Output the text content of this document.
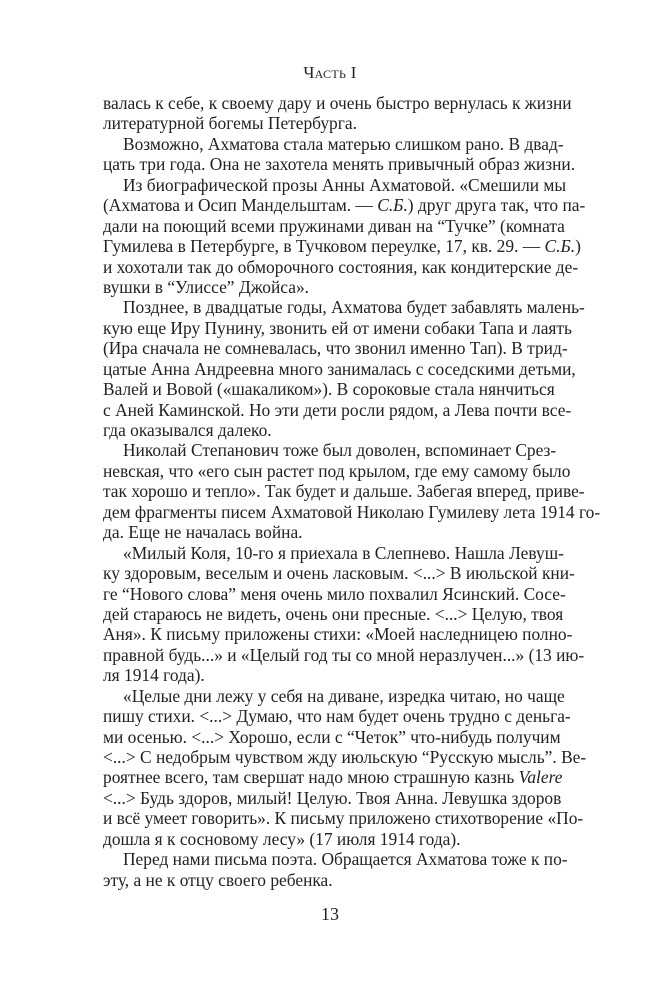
Часть I
валась к себе, к своему дару и очень быстро вернулась к жизни
литературной богемы Петербурга.
Возможно, Ахматова стала матерью слишком рано. В двад-
цать три года. Она не захотела менять привычный образ жизни.
Из биографической прозы Анны Ахматовой. «Смешили мы
(Ахматова и Осип Мандельштам. — С.Б.) друг друга так, что па-
дали на поющий всеми пружинами диван на “Тучке” (комната
Гумилева в Петербурге, в Тучковом переулке, 17, кв. 29. — С.Б.)
и хохотали так до обморочного состояния, как кондитерские де-
вушки в “Улиссе” Джойса».
Позднее, в двадцатые годы, Ахматова будет забавлять малень-
кую еще Иру Пунину, звонить ей от имени собаки Тапа и лаять
(Ира сначала не сомневалась, что звонил именно Тап). В трид-
цатые Анна Андреевна много занималась с соседскими детьми,
Валей и Вовой («шакаликом»). В сороковые стала нянчиться
с Аней Каминской. Но эти дети росли рядом, а Лева почти все-
гда оказывался далеко.
Николай Степанович тоже был доволен, вспоминает Срез-
невская, что «его сын растет под крылом, где ему самому было
так хорошо и тепло». Так будет и дальше. Забегая вперед, приве-
дем фрагменты писем Ахматовой Николаю Гумилеву лета 1914 го-
да. Еще не началась война.
«Милый Коля, 10-го я приехала в Слепнево. Нашла Левуш-
ку здоровым, веселым и очень ласковым. <...> В июльской кни-
ге “Нового слова” меня очень мило похвалил Ясинский. Сосе-
дей стараюсь не видеть, очень они пресные. <...> Целую, твоя
Аня». К письму приложены стихи: «Моей наследницею полно-
правной будь...» и «Целый год ты со мной неразлучен...» (13 ию-
ля 1914 года).
«Целые дни лежу у себя на диване, изредка читаю, но чаще
пишу стихи. <...> Думаю, что нам будет очень трудно с деньга-
ми осенью. <...> Хорошо, если с “Четок” что-нибудь получим
<...> С недобрым чувством жду июльскую “Русскую мысль”. Ве-
роятнее всего, там свершат надо мною страшную казнь Valere
<...> Будь здоров, милый! Целую. Твоя Анна. Левушка здоров
и всё умеет говорить». К письму приложено стихотворение «По-
дошла я к сосновому лесу» (17 июля 1914 года).
Перед нами письма поэта. Обращается Ахматова тоже к по-
эту, а не к отцу своего ребенка.
13
